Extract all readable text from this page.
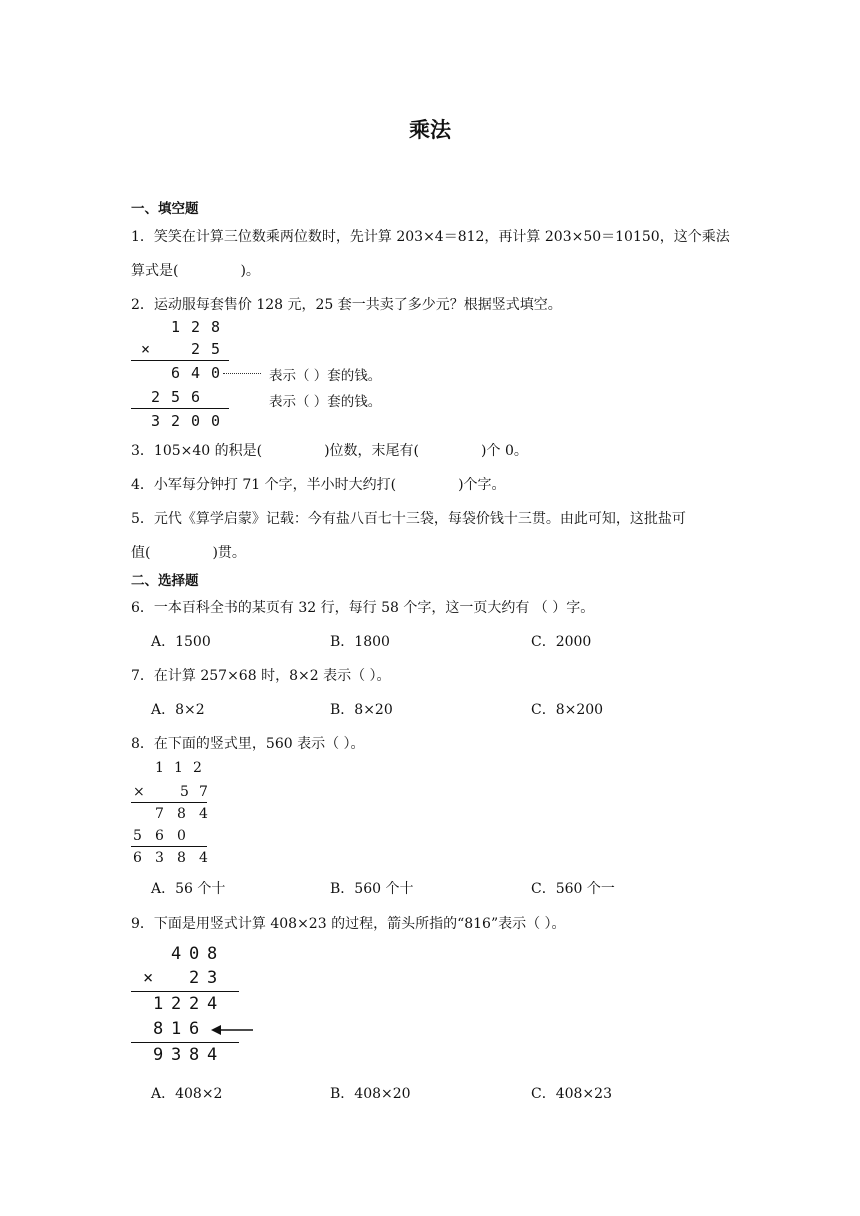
乘法
一、填空题
1．笑笑在计算三位数乘两位数时，先计算 203×4＝812，再计算 203×50＝10150，这个乘法
算式是(	)。
2．运动服每套售价 128 元，25 套一共卖了多少元？根据竖式填空。
1 2 8
×	2 5
6 4 0	表示（ ）套的钱。
2 5 6	表示（ ）套的钱。
3 2 0 0
3．105×40 的积是(	)位数，末尾有(	)个 0。
4．小军每分钟打 71 个字，半小时大约打(	)个字。
5．元代《算学启蒙》记载：今有盐八百七十三袋，每袋价钱十三贯。由此可知，这批盐可
值(	)贯。
二、选择题
6．一本百科全书的某页有 32 行，每行 58 个字，这一页大约有 （ ）字。
A．1500	B．1800	C．2000
7．在计算 257×68 时，8×2 表示（ ）。
A．8×2	B．8×20	C．8×200
8．在下面的竖式里，560 表示（ ）。
1 1 2
×	5 7
7 8 4
5 6 0
6 3 8 4
A．56 个十	B．560 个十	C．560 个一
9．下面是用竖式计算 408×23 的过程，箭头所指的“816”表示（ ）。
4 0 8
× 2 3
1 2 2 4
8 1 6
9 3 8 4
A．408×2	B．408×20	C．408×23
